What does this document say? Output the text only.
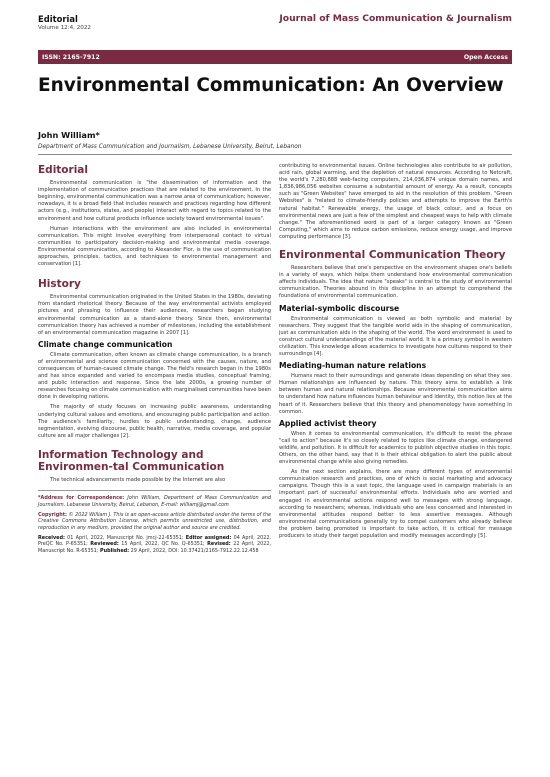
Editorial
Volume 12:4, 2022
Journal of Mass Communication & Journalism
ISSN: 2165-7912	Open Access
Environmental Communication: An Overview
John William*
Department of Mass Communication and Journalism, Lebanese University, Beirut, Lebanon
Editorial

Environmental communication is "the dissemination of information and the implementation of communication practices that are related to the environment. In the beginning, environmental communication was a narrow area of communication; however, nowadays, it is a broad field that includes research and practices regarding how different actors (e.g., institutions, states, and people) interact with regard to topics related to the environment and how cultural products influence society toward environmental issues".

Human interactions with the environment are also included in environmental communication. This might involve everything from interpersonal contact to virtual communities to participatory decision-making and environmental media coverage. Environmental communication, according to Alexander Flor, is the use of communication approaches, principles, tactics, and techniques to environmental management and conservation [1].

History

Environmental communication originated in the United States in the 1980s, deviating from standard rhetorical theory. Because of the way environmental activists employed pictures and phrasing to influence their audiences, researchers began studying environmental communication as a stand-alone theory. Since then, environmental communication theory has achieved a number of milestones, including the establishment of an environmental communication magazine in 2007 [1].

Climate change communication

Climate communication, often known as climate change communication, is a branch of environmental and science communication concerned with the causes, nature, and consequences of human-caused climate change. The field's research began in the 1980s and has since expanded and varied to encompass media studies, conceptual framing, and public interaction and response. Since the late 2000s, a growing number of researches focusing on climate communication with marginalised communities have been done in developing nations.

The majority of study focuses on increasing public awareness, understanding underlying cultural values and emotions, and encouraging public participation and action. The audience's familiarity, hurdles to public understanding, change, audience segmentation, evolving discourse, public health, narrative, media coverage, and popular culture are all major challenges [2].

Information Technology and Environmen-tal Communication

The technical advancements made possible by the Internet are also

*Address for Correspondence: John William, Department of Mass Communication and Journalism, Lebanese University, Beirut, Lebanon, E-mail: williamj@gmail.com

Copyright: © 2022 William J. This is an open-access article distributed under the terms of the Creative Commons Attribution License, which permits unrestricted use, distribution, and reproduction in any medium, provided the original author and source are credited.

Received: 01 April, 2022, Manuscript No. jmcj-22-65351; Editor assigned: 04 April, 2022, PreQC No. P-65351; Reviewed: 15 April, 2022, QC No. Q-65351; Revised: 22 April, 2022, Manuscript No. R-65351; Published: 29 April, 2022, DOI: 10.37421/2165-7912.22.12.458

contributing to environmental issues. Online technologies also contribute to air pollution, acid rain, global warming, and the depletion of natural resources. According to Netcraft, the world's 7,280,888 web-facing computers, 214,036,874 unique domain names, and 1,836,986,056 websites consume a substantial amount of energy. As a result, concepts such as "Green Websites" have emerged to aid in the resolution of this problem. "Green Websites" is "related to climate-friendly policies and attempts to improve the Earth's natural habitat." Renewable energy, the usage of black colour, and a focus on environmental news are just a few of the simplest and cheapest ways to help with climate change." The aforementioned word is part of a larger category known as "Green Computing," which aims to reduce carbon emissions, reduce energy usage, and improve computing performance [3].

Environmental Communication Theory

Researchers believe that one's perspective on the environment shapes one's beliefs in a variety of ways, which helps them understand how environmental communication affects individuals. The idea that nature "speaks" is central to the study of environmental communication. Theories abound in this discipline in an attempt to comprehend the foundations of environmental communication.

Material-symbolic discourse

Environmental communication is viewed as both symbolic and material by researchers. They suggest that the tangible world aids in the shaping of communication, just as communication aids in the shaping of the world. The word environment is used to construct cultural understandings of the material world. It is a primary symbol in western civilization. This knowledge allows academics to investigate how cultures respond to their surroundings [4].

Mediating-human nature relations

Humans react to their surroundings and generate ideas depending on what they see. Human relationships are influenced by nature. This theory aims to establish a link between human and natural relationships. Because environmental communication aims to understand how nature influences human behaviour and identity, this notion lies at the heart of it. Researchers believe that this theory and phenomenology have something in common.

Applied activist theory

When it comes to environmental communication, it's difficult to resist the phrase "call to action" because it's so closely related to topics like climate change, endangered wildlife, and pollution. It is difficult for academics to publish objective studies in this topic. Others, on the other hand, say that it is their ethical obligation to alert the public about environmental change while also giving remedies.

As the next section explains, there are many different types of environmental communication research and practices, one of which is social marketing and advocacy campaigns. Though this is a vast topic, the language used in campaign materials is an important part of successful environmental efforts. Individuals who are worried and engaged in environmental actions respond well to messages with strong language, according to researchers; whereas, individuals who are less concerned and interested in environmental attitudes respond better to less assertive messages. Although environmental communications generally try to compel customers who already believe the problem being promoted is important to take action, it is critical for message producers to study their target population and modify messages accordingly [5].
